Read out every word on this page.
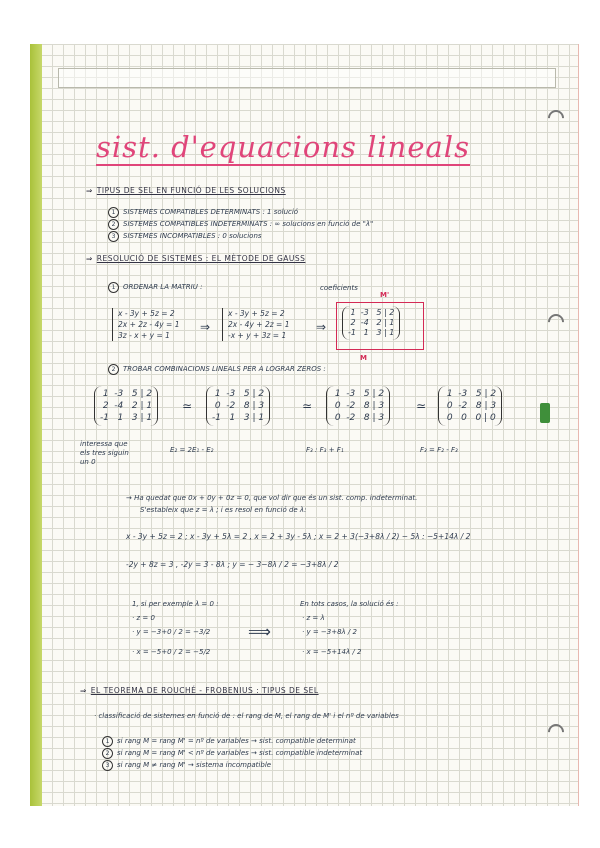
sist. d'equacions lineals
⇒ TIPUS DE SEL EN FUNCIÓ DE LES SOLUCIONS
1 SISTEMES COMPATIBLES DETERMINATS : 1 solució
2 SISTEMES COMPATIBLES INDETERMINATS : ∞ solucions en funció de "λ"
3 SISTEMES INCOMPATIBLES : 0 solucions
⇒ RESOLUCIÓ DE SISTEMES : EL MÈTODE DE GAUSS
1 ORDENAR LA MATRIU :	coeficients
M'
x - 3y + 5z = 2
2x + 2z - 4y = 1
3z - x + y = 1
⇒
x - 3y + 5z = 2
2x - 4y + 2z = 1
-x + y + 3z = 1
⇒
1  -3   5 | 2
2  -4   2 | 1
-1   1   3 | 1
M
2 TROBAR COMBINACIONS LINEALS PER A LOGRAR ZEROS :
1  -3   5 | 2
2  -4   2 | 1
-1   1   3 | 1
≃
1  -3   5 | 2
0  -2   8 | 3
-1   1   3 | 1
≃
1  -3   5 | 2
0  -2   8 | 3
0  -2   8 | 3
≃
1  -3   5 | 2
0  -2   8 | 3
0   0   0 | 0
interessa que
els tres siguin
un 0
E₂ = 2E₁ - E₂	F₃ : F₃ + F₁	F₃ = F₂ - F₃
→ Ha quedat que 0x + 0y + 0z = 0, que vol dir que és un sist. comp. indeterminat.
S'estableix que z = λ ; i es resol en funció de λ:
x - 3y + 5z = 2 ; x - 3y + 5λ = 2 , x = 2 + 3y - 5λ ; x = 2 + 3(−3+8λ / 2) − 5λ : −5+14λ / 2
-2y + 8z = 3 , -2y = 3 - 8λ ; y = − 3−8λ / 2 = −3+8λ / 2
1, si per exemple λ = 0 :
· z = 0
· y = −3+0 / 2 = −3/2
· x = −5+0 / 2 = −5/2
⟹
En tots casos, la solució és :
· z = λ
· y = −3+8λ / 2
· x = −5+14λ / 2
⇒ EL TEOREMA DE ROUCHÉ - FROBENIUS : TIPUS DE SEL
· classificació de sistemes en funció de : el rang de M, el rang de M' i el nº de variables
1 si rang M = rang M' = nº de variables → sist. compatible determinat
2 si rang M = rang M' < nº de variables → sist. compatible indeterminat
3 si rang M ≠ rang M' → sistema incompatible
